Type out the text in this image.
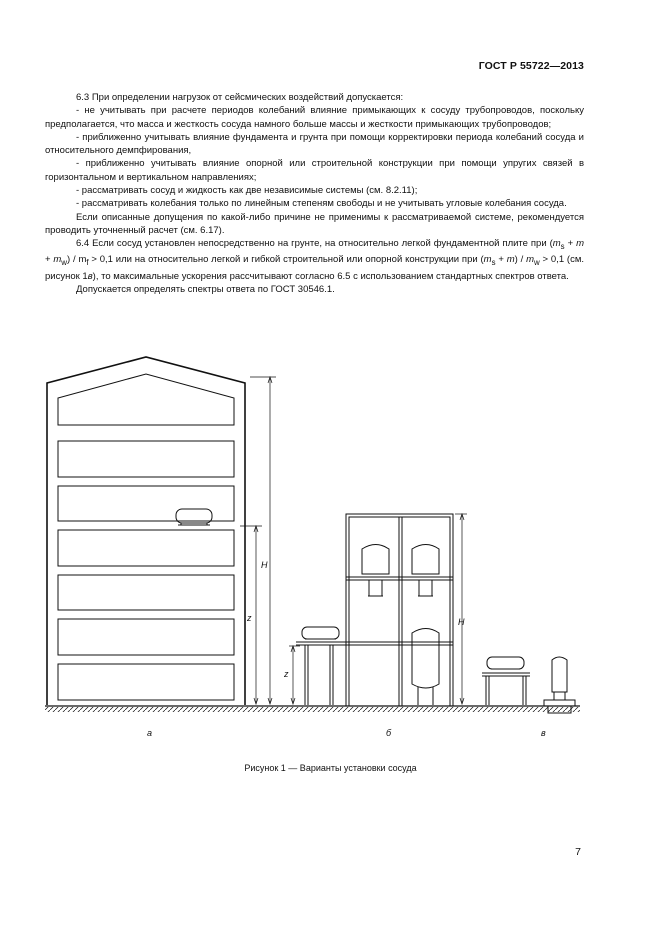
ГОСТ Р 55722—2013

6.3 При определении нагрузок от сейсмических воздействий допускается:

- не учитывать при расчете периодов колебаний влияние примыкающих к сосуду трубопроводов, поскольку предполагается, что масса и жесткость сосуда намного больше массы и жесткости примыкающих трубопроводов;

- приближенно учитывать влияние фундамента и грунта при помощи корректировки периода колебаний сосуда и относительного демпфирования,

- приближенно учитывать влияние опорной или строительной конструкции при помощи упругих связей в горизонтальном и вертикальном направлениях;

- рассматривать сосуд и жидкость как две независимые системы (см. 8.2.11);

- рассматривать колебания только по линейным степеням свободы и не учитывать угловые колебания сосуда.

Если описанные допущения по какой-либо причине не применимы к рассматриваемой системе, рекомендуется проводить уточненный расчет (см. 6.17).

6.4 Если сосуд установлен непосредственно на грунте, на относительно легкой фундаментной плите при $(m_s + m + m_w) / m_f > 0,1$ или на относительно легкой и гибкой строительной или опорной конструкции при $(m_s + m) / m_w > 0,1$ (см. рисунок 1в), то максимальные ускорения рассчитывают согласно 6.5 с использованием стандартных спектров ответа.

Допускается определять спектры ответа по ГОСТ 30546.1.

H
z	H
z
а	б	в
Рисунок 1 — Варианты установки сосуда
7
